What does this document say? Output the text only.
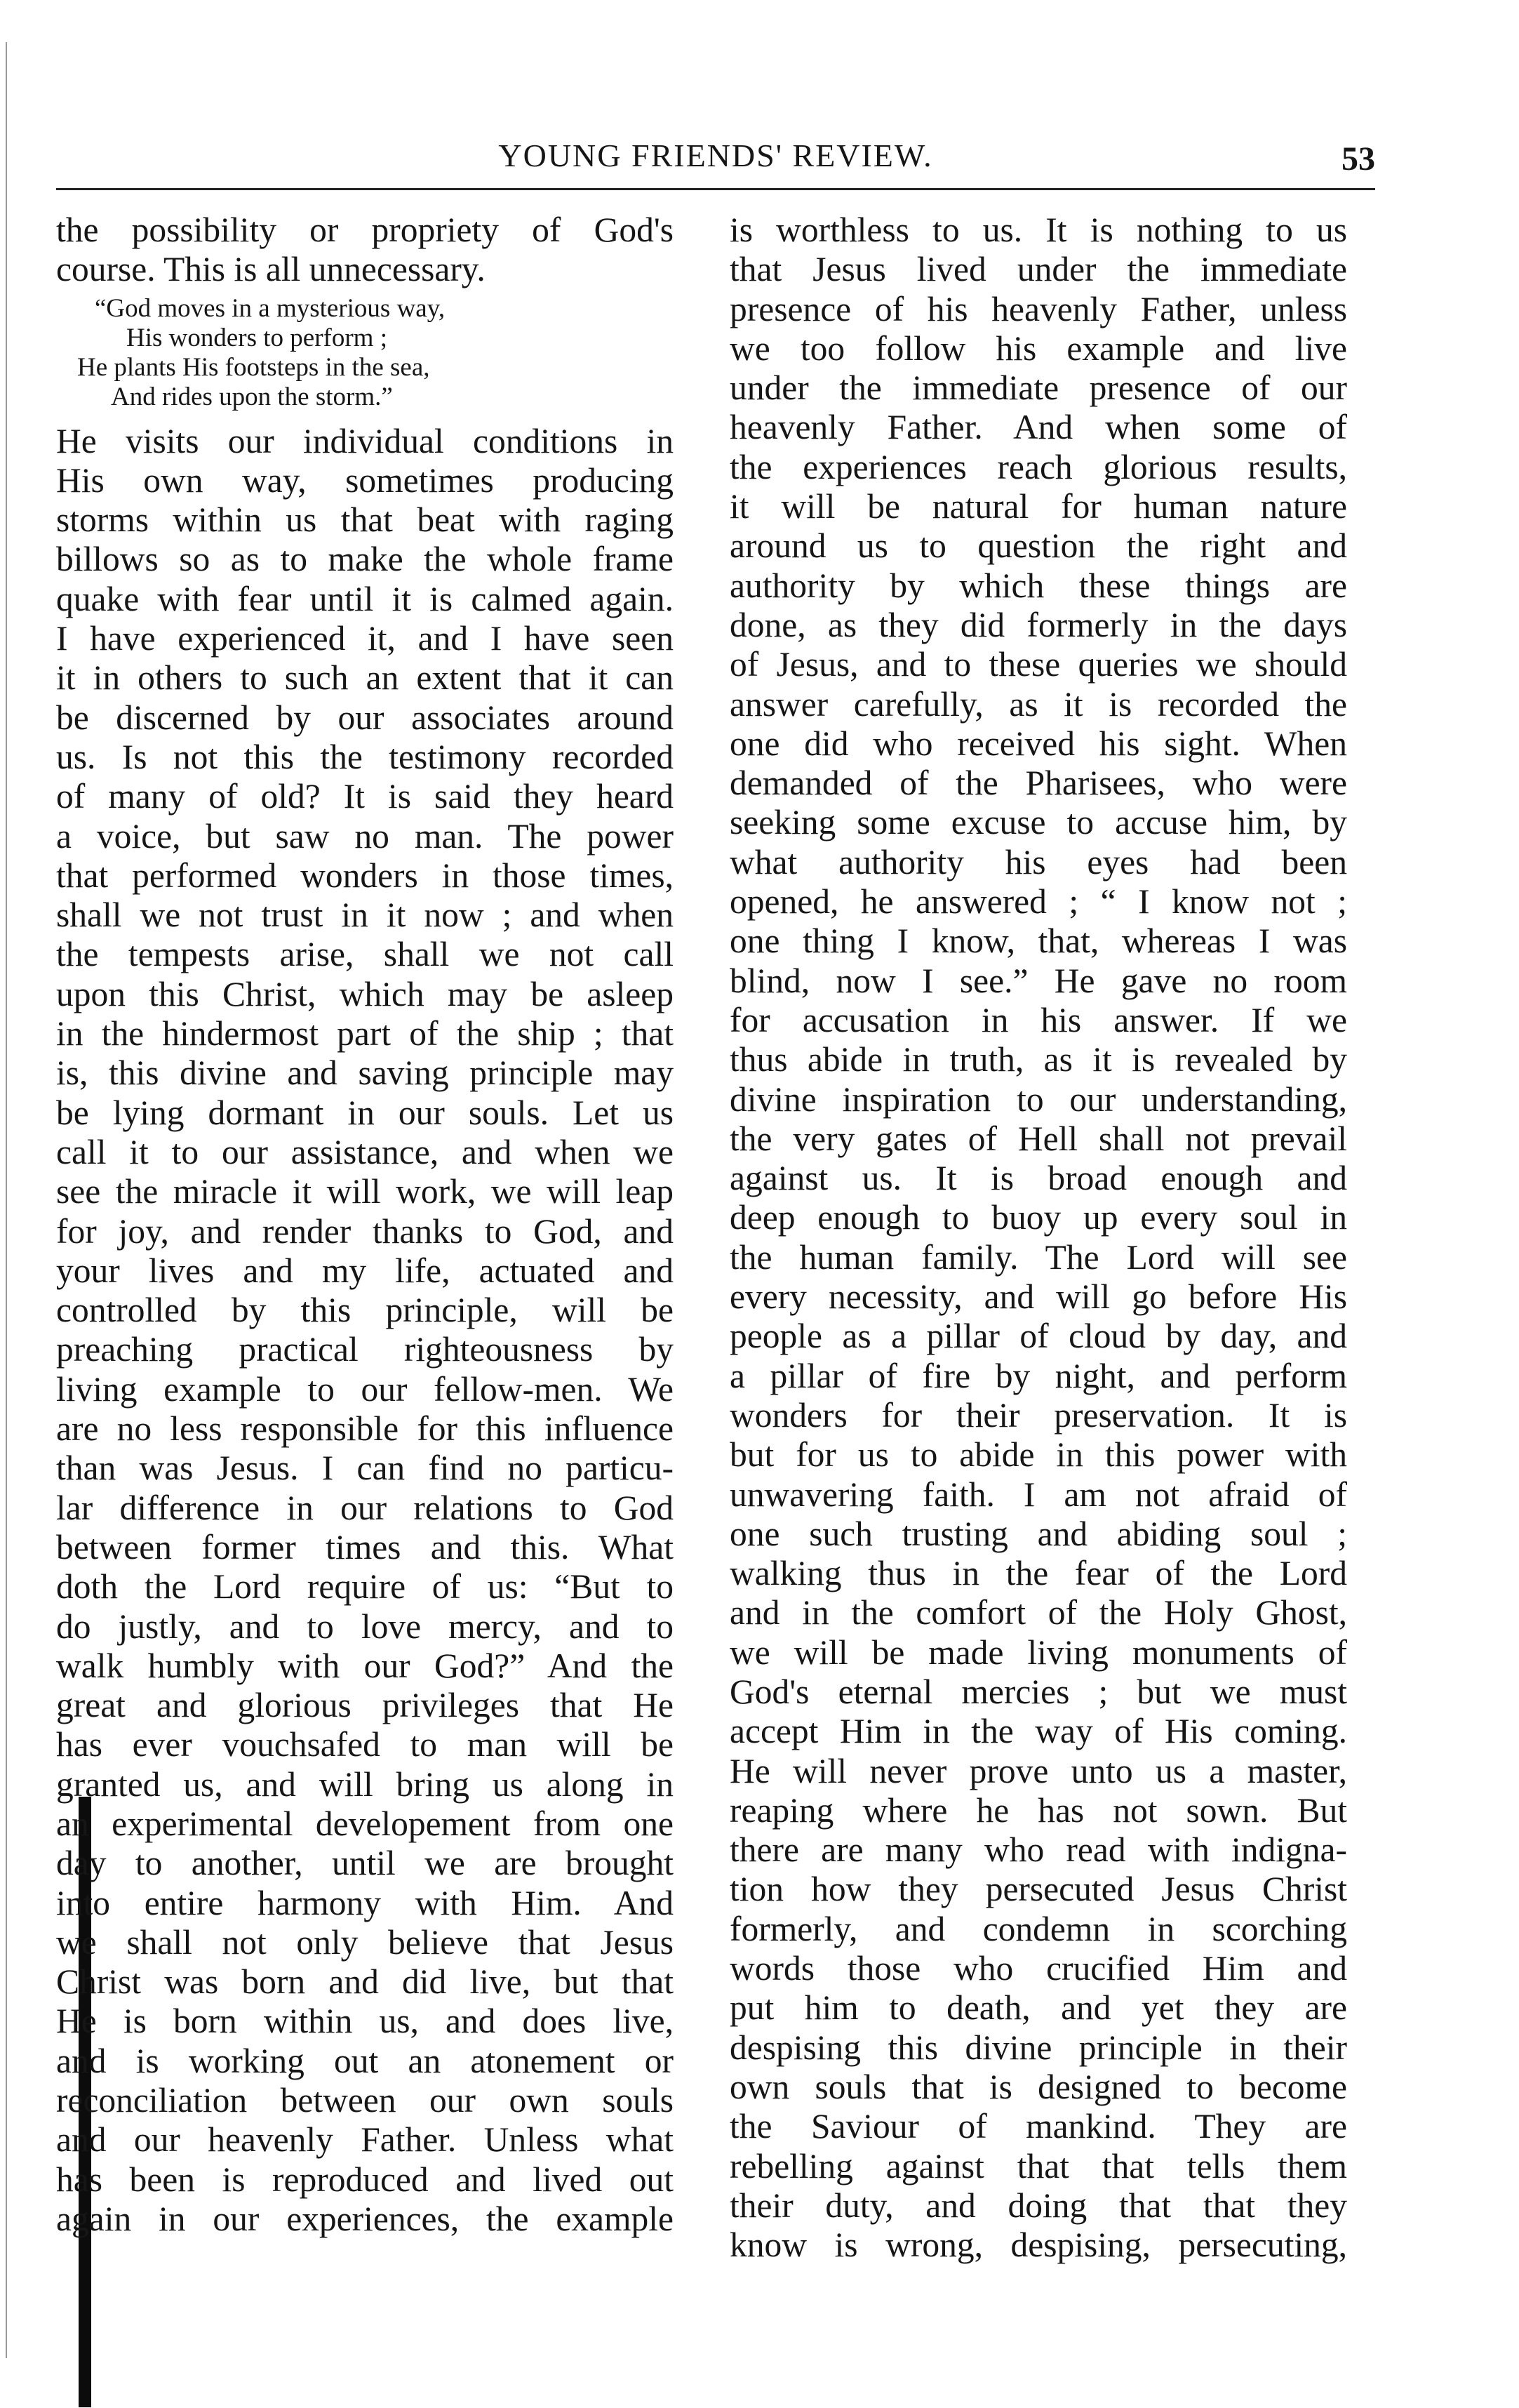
YOUNG FRIENDS' REVIEW.	53
the possibility or propriety of God's
course. This is all unnecessary.
“God moves in a mysterious way,
His wonders to perform ;
He plants His footsteps in the sea,
And rides upon the storm.”
He visits our individual conditions in
His own way, sometimes producing
storms within us that beat with raging
billows so as to make the whole frame
quake with fear until it is calmed again.
I have experienced it, and I have seen
it in others to such an extent that it can
be discerned by our associates around
us. Is not this the testimony recorded
of many of old? It is said they heard
a voice, but saw no man. The power
that performed wonders in those times,
shall we not trust in it now ; and when
the tempests arise, shall we not call
upon this Christ, which may be asleep
in the hindermost part of the ship ; that
is, this divine and saving principle may
be lying dormant in our souls. Let us
call it to our assistance, and when we
see the miracle it will work, we will leap
for joy, and render thanks to God, and
your lives and my life, actuated and
controlled by this principle, will be
preaching practical righteousness by
living example to our fellow-men. We
are no less responsible for this influence
than was Jesus. I can find no particu-
lar difference in our relations to God
between former times and this. What
doth the Lord require of us: “But to
do justly, and to love mercy, and to
walk humbly with our God?” And the
great and glorious privileges that He
has ever vouchsafed to man will be
granted us, and will bring us along in
an experimental developement from one
day to another, until we are brought
into entire harmony with Him. And
we shall not only believe that Jesus
Christ was born and did live, but that
He is born within us, and does live,
and is working out an atonement or
reconciliation between our own souls
and our heavenly Father. Unless what
has been is reproduced and lived out
again in our experiences, the example
is worthless to us. It is nothing to us
that Jesus lived under the immediate
presence of his heavenly Father, unless
we too follow his example and live
under the immediate presence of our
heavenly Father. And when some of
the experiences reach glorious results,
it will be natural for human nature
around us to question the right and
authority by which these things are
done, as they did formerly in the days
of Jesus, and to these queries we should
answer carefully, as it is recorded the
one did who received his sight. When
demanded of the Pharisees, who were
seeking some excuse to accuse him, by
what authority his eyes had been
opened, he answered ; “ I know not ;
one thing I know, that, whereas I was
blind, now I see.” He gave no room
for accusation in his answer. If we
thus abide in truth, as it is revealed by
divine inspiration to our understanding,
the very gates of Hell shall not prevail
against us. It is broad enough and
deep enough to buoy up every soul in
the human family. The Lord will see
every necessity, and will go before His
people as a pillar of cloud by day, and
a pillar of fire by night, and perform
wonders for their preservation. It is
but for us to abide in this power with
unwavering faith. I am not afraid of
one such trusting and abiding soul ;
walking thus in the fear of the Lord
and in the comfort of the Holy Ghost,
we will be made living monuments of
God's eternal mercies ; but we must
accept Him in the way of His coming.
He will never prove unto us a master,
reaping where he has not sown. But
there are many who read with indigna-
tion how they persecuted Jesus Christ
formerly, and condemn in scorching
words those who crucified Him and
put him to death, and yet they are
despising this divine principle in their
own souls that is designed to become
the Saviour of mankind. They are
rebelling against that that tells them
their duty, and doing that that they
know is wrong, despising, persecuting,
